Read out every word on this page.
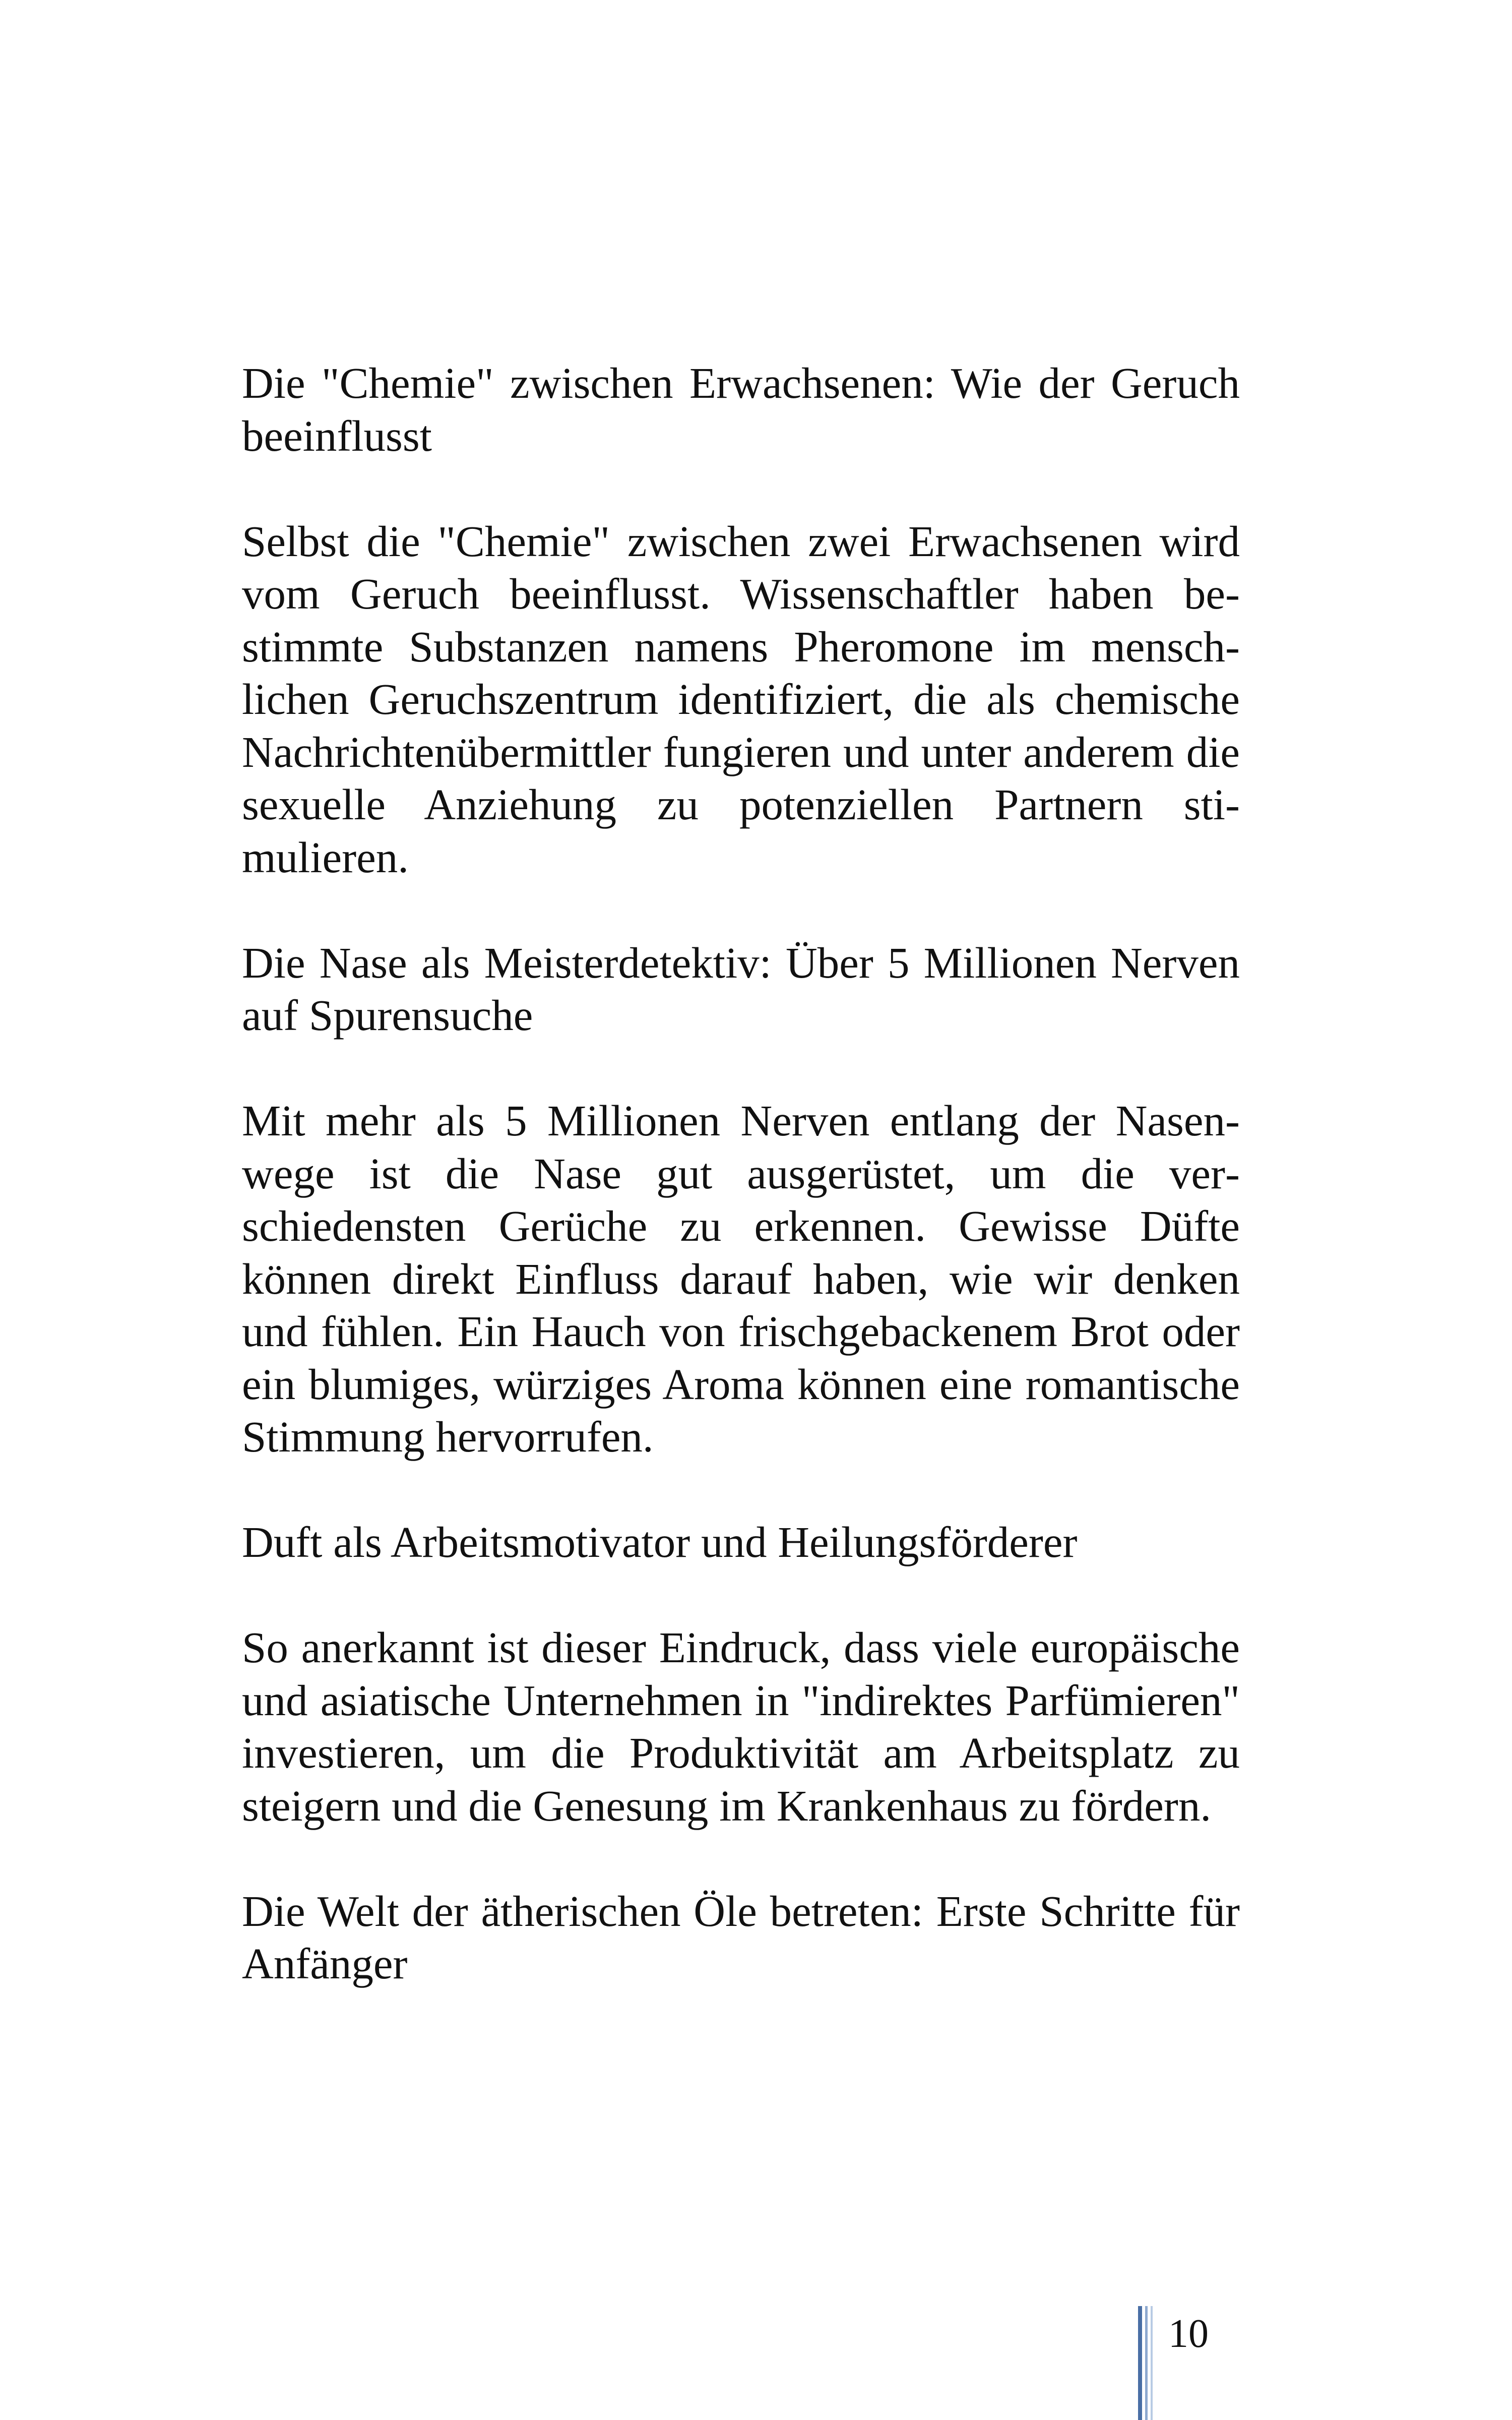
Die "Chemie" zwischen Erwachsenen: Wie der Geruch beeinflusst

Selbst die "Chemie" zwischen zwei Erwachsenen wird vom Geruch beeinflusst. Wissenschaftler haben bestimmte Substanzen namens Pheromone im menschlichen Geruchszentrum identifiziert, die als chemische Nachrichtenübermittler fungieren und unter anderem die sexuelle Anziehung zu potenziellen Partnern stimulieren.

Die Nase als Meisterdetektiv: Über 5 Millionen Nerven auf Spurensuche

Mit mehr als 5 Millionen Nerven entlang der Nasenwege ist die Nase gut ausgerüstet, um die verschiedensten Gerüche zu erkennen. Gewisse Düfte können direkt Einfluss darauf haben, wie wir denken und fühlen. Ein Hauch von frischgebackenem Brot oder ein blumiges, würziges Aroma können eine romantische Stimmung hervorrufen.

Duft als Arbeitsmotivator und Heilungsförderer

So anerkannt ist dieser Eindruck, dass viele europäische und asiatische Unternehmen in "indirektes Parfümieren" investieren, um die Produktivität am Arbeitsplatz zu steigern und die Genesung im Krankenhaus zu fördern.

Die Welt der ätherischen Öle betreten: Erste Schritte für Anfänger

10
